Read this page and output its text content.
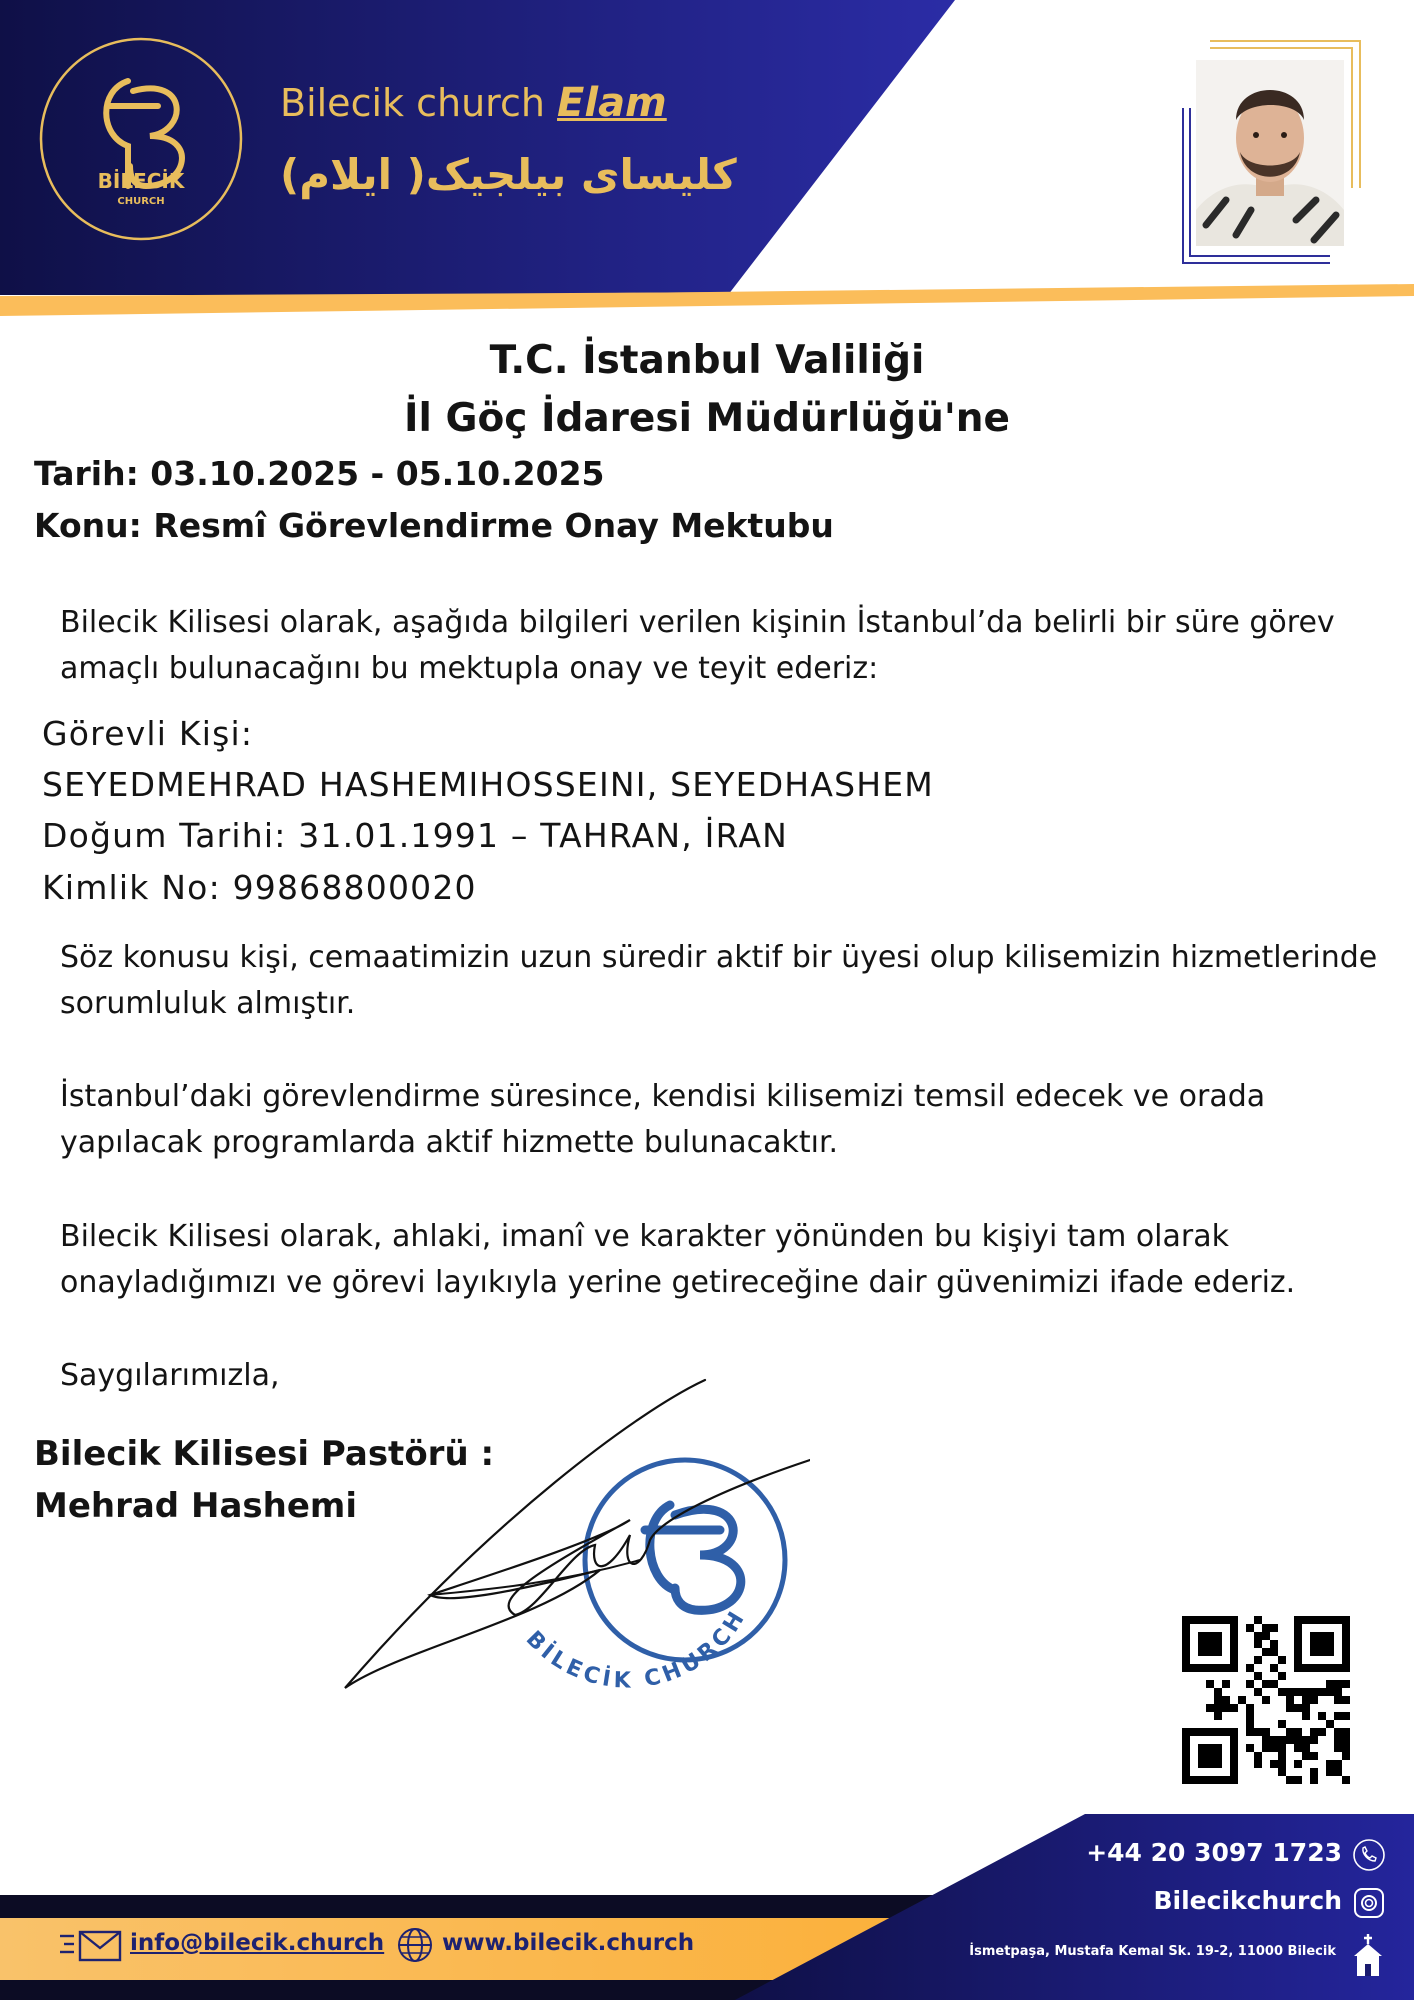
BİLECİK
CHURCH
Bilecik church Elam
کلیسای بیلجیک( ایلام)
T.C. İstanbul Valiliği
İl Göç İdaresi Müdürlüğü'ne
Tarih: 03.10.2025 - 05.10.2025
Konu: Resmî Görevlendirme Onay Mektubu
Bilecik Kilisesi olarak, aşağıda bilgileri verilen kişinin İstanbul’da belirli bir süre görev amaçlı bulunacağını bu mektupla onay ve teyit ederiz:
Görevli Kişi:
SEYEDMEHRAD HASHEMIHOSSEINI, SEYEDHASHEM
Doğum Tarihi: 31.01.1991 – TAHRAN, İRAN
Kimlik No: 99868800020
Söz konusu kişi, cemaatimizin uzun süredir aktif bir üyesi olup kilisemizin hizmetlerinde sorumluluk almıştır.
İstanbul’daki görevlendirme süresince, kendisi kilisemizi temsil edecek ve orada yapılacak programlarda aktif hizmette bulunacaktır.
Bilecik Kilisesi olarak, ahlaki, imanî ve karakter yönünden bu kişiyi tam olarak onayladığımızı ve görevi layıkıyla yerine getireceğine dair güvenimizi ifade ederiz.
Saygılarımızla,
Bilecik Kilisesi Pastörü :
Mehrad Hashemi
BİLECİK CHURCH
+44 20 3097 1723
Bilecikchurch
İsmetpaşa, Mustafa Kemal Sk. 19-2, 11000 Bilecik
info@bilecik.church	www.bilecik.church
